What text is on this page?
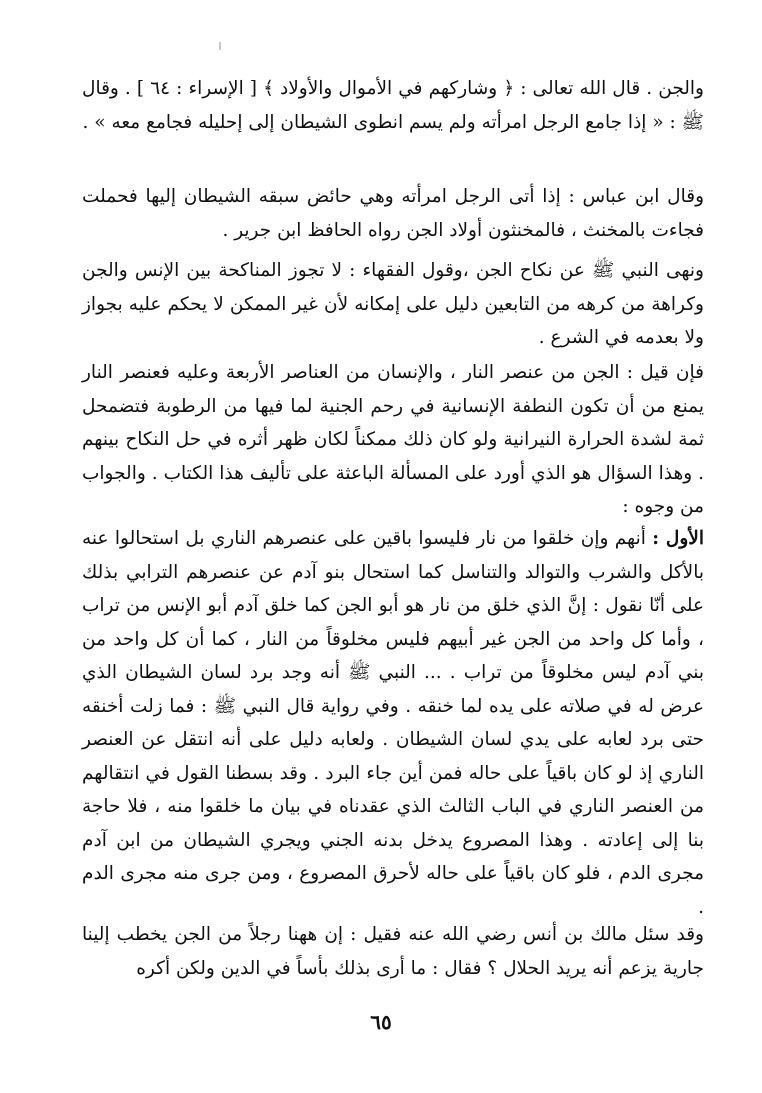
والجن . قال الله تعالى : ﴿ وشاركهم في الأموال والأولاد ﴾ [ الإسراء : ٦٤ ] . وقال ﷺ : « إذا جامع الرجل امرأته ولم يسم انطوى الشيطان إلى إحليله فجامع معه » .

وقال ابن عباس : إذا أتى الرجل امرأته وهي حائض سبقه الشيطان إليها فحملت فجاءت بالمخنث ، فالمخنثون أولاد الجن رواه الحافظ ابن جرير .

ونهى النبي ﷺ عن نكاح الجن ،وقول الفقهاء : لا تجوز المناكحة بين الإنس والجن وكراهة من كرهه من التابعين دليل على إمكانه لأن غير الممكن لا يحكم عليه بجواز ولا بعدمه في الشرع .

فإن قيل : الجن من عنصر النار ، والإنسان من العناصر الأربعة وعليه فعنصر النار يمنع من أن تكون النطفة الإنسانية في رحم الجنية لما فيها من الرطوبة فتضمحل ثمة لشدة الحرارة النيرانية ولو كان ذلك ممكناً لكان ظهر أثره في حل النكاح بينهم . وهذا السؤال هو الذي أورد على المسألة الباعثة على تأليف هذا الكتاب . والجواب من وجوه :

الأول : أنهم وإن خلقوا من نار فليسوا باقين على عنصرهم الناري بل استحالوا عنه بالأكل والشرب والتوالد والتناسل كما استحال بنو آدم عن عنصرهم الترابي بذلك على أنّا نقول : إنَّ الذي خلق من نار هو أبو الجن كما خلق آدم أبو الإنس من تراب ، وأما كل واحد من الجن غير أبيهم فليس مخلوقاً من النار ، كما أن كل واحد من بني آدم ليس مخلوقاً من تراب . ... النبي ﷺ أنه وجد برد لسان الشيطان الذي عرض له في صلاته على يده لما خنقه . وفي رواية قال النبي ﷺ : فما زلت أخنقه حتى برد لعابه على يدي لسان الشيطان . ولعابه دليل على أنه انتقل عن العنصر الناري إذ لو كان باقياً على حاله فمن أين جاء البرد . وقد بسطنا القول في انتقالهم من العنصر الناري في الباب الثالث الذي عقدناه في بيان ما خلقوا منه ، فلا حاجة بنا إلى إعادته . وهذا المصروع يدخل بدنه الجني ويجري الشيطان من ابن آدم مجرى الدم ، فلو كان باقياً على حاله لأحرق المصروع ، ومن جرى منه مجرى الدم .

وقد سئل مالك بن أنس رضي الله عنه فقيل : إن ههنا رجلاً من الجن يخطب إلينا جارية يزعم أنه يريد الحلال ؟ فقال : ما أرى بذلك بأساً في الدين ولكن أكره

٦٥
